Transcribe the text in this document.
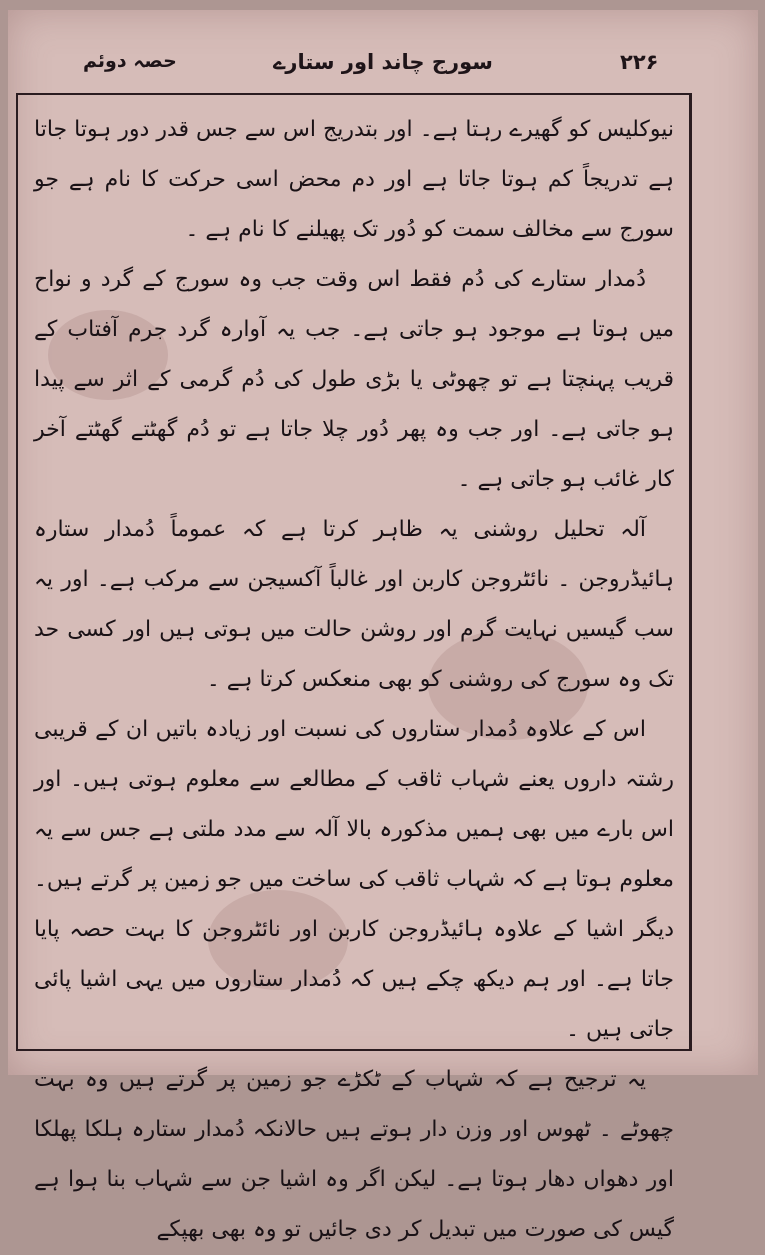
۲۲۶
سورج چاند اور ستارے
حصہ دوئم

نیوکلیس کو گھیرے رہتا ہے۔ اور بتدریج اس سے جس قدر دور ہوتا جاتا ہے تدریجاً کم ہوتا جاتا ہے اور دم محض اسی حرکت کا نام ہے جو سورج سے مخالف سمت کو دُور تک پھیلنے کا نام ہے ۔

دُمدار ستارے کی دُم فقط اس وقت جب وہ سورج کے گرد و نواح میں ہوتا ہے موجود ہو جاتی ہے۔ جب یہ آوارہ گرد جرم آفتاب کے قریب پہنچتا ہے تو چھوٹی یا بڑی طول کی دُم گرمی کے اثر سے پیدا ہو جاتی ہے۔ اور جب وہ پھر دُور چلا جاتا ہے تو دُم گھٹتے گھٹتے آخر کار غائب ہو جاتی ہے ۔

آلہ تحلیل روشنی یہ ظاہر کرتا ہے کہ عموماً دُمدار ستارہ ہائیڈروجن ۔ نائٹروجن کاربن اور غالباً آکسیجن سے مرکب ہے۔ اور یہ سب گیسیں نہایت گرم اور روشن حالت میں ہوتی ہیں اور کسی حد تک وہ سورج کی روشنی کو بھی منعکس کرتا ہے ۔

اس کے علاوہ دُمدار ستاروں کی نسبت اور زیادہ باتیں ان کے قریبی رشتہ داروں یعنے شہاب ثاقب کے مطالعے سے معلوم ہوتی ہیں۔ اور اس بارے میں بھی ہمیں مذکورہ بالا آلہ سے مدد ملتی ہے جس سے یہ معلوم ہوتا ہے کہ شہاب ثاقب کی ساخت میں جو زمین پر گرتے ہیں۔ دیگر اشیا کے علاوہ ہائیڈروجن کاربن اور نائٹروجن کا بہت حصہ پایا جاتا ہے۔ اور ہم دیکھ چکے ہیں کہ دُمدار ستاروں میں یہی اشیا پائی جاتی ہیں ۔

یہ ترجیح ہے کہ شہاب کے ٹکڑے جو زمین پر گرتے ہیں وہ بہت چھوٹے ۔ ٹھوس اور وزن دار ہوتے ہیں حالانکہ دُمدار ستارہ ہلکا پھلکا اور دھواں دھار ہوتا ہے۔ لیکن اگر وہ اشیا جن سے شہاب بنا ہوا ہے گیس کی صورت میں تبدیل کر دی جائیں تو وہ بھی بھپکے
